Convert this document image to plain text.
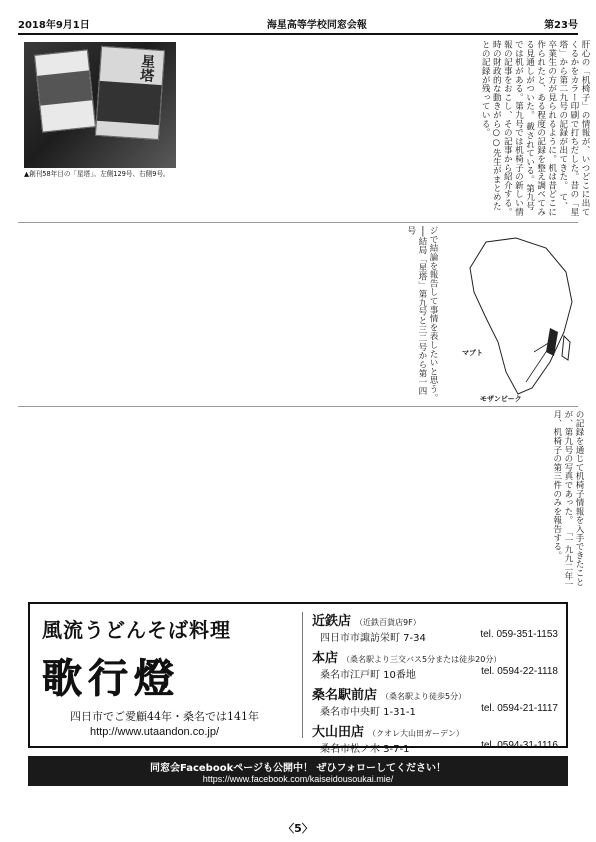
2018年9月1日	海星高等学校同窓会報	第23号
星塔
▲創刊58年目の「星塔」。左側129号、右側9号。	肝心の「机椅子」の情報が、いつどこに出てくるかをカラー印刷で打ちだした。昔の「星塔」から第二九号の記録が出てきた。 て、卒業生の方が見られるように。机は昔どこに作られたと、ある程度の記録を整え調べてみる見通しがついた。 載されている。第九号では机がある。第九号では机椅子の新しい情報の記事をおこし、その記事から紹介する。 時の財政的な動きがら○○先生がまとめたとの記録が残っている。
マプト
モザンビーク
ジで結論を報告して事情を表したいと思う。 ──結局「星塔」第九号と三二号から第一四号
の記録を通じて机椅子情報を入手できたことが、第九号の写真であった。 「一九九二年一月、机椅子の第三件のみを報告する。
風流うどんそば料理
歌行燈
四日市でご愛顧44年・桑名では141年
http://www.utaandon.co.jp/
近鉄店 （近鉄百貨店9F）
四日市市諏訪栄町 7-34	tel. 059-351-1153
本店 （桑名駅より三交バス5分または徒歩20分）
桑名市江戸町 10番地	tel. 0594-22-1118
桑名駅前店 （桑名駅より徒歩5分）
桑名市中央町 1-31-1	tel. 0594-21-1117
大山田店 （クオレ大山田ガーデン）
桑名市松ノ木 3-7-1	tel. 0594-31-1116
同窓会Facebookページも公開中！ ぜひフォローしてください！
https://www.facebook.com/kaiseidousoukai.mie/
〈5〉
